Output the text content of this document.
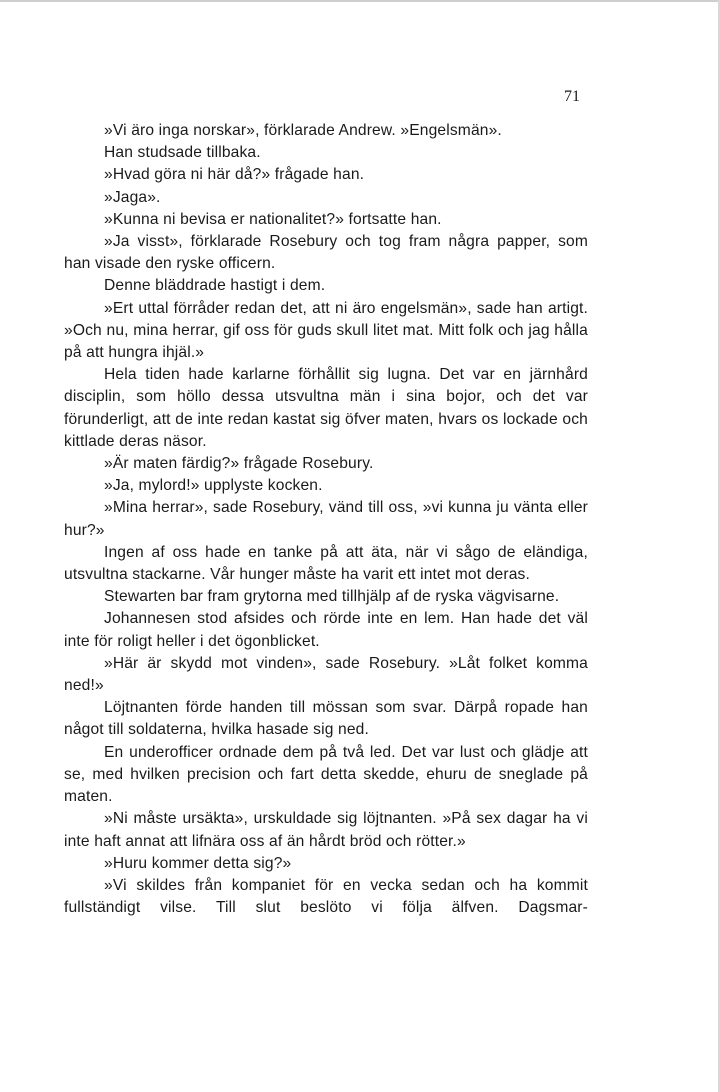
71

»Vi äro inga norskar», förklarade Andrew. »Engelsmän».

Han studsade tillbaka.

»Hvad göra ni här då?» frågade han.

»Jaga».

»Kunna ni bevisa er nationalitet?» fortsatte han.

»Ja visst», förklarade Rosebury och tog fram några papper, som han visade den ryske officern.

Denne bläddrade hastigt i dem.

»Ert uttal förråder redan det, att ni äro engelsmän», sade han artigt. »Och nu, mina herrar, gif oss för guds skull litet mat. Mitt folk och jag hålla på att hungra ihjäl.»

Hela tiden hade karlarne förhållit sig lugna. Det var en järnhård disciplin, som höllo dessa utsvultna män i sina bojor, och det var förunderligt, att de inte redan kastat sig öfver maten, hvars os lockade och kittlade deras näsor.

»Är maten färdig?» frågade Rosebury.

»Ja, mylord!» upplyste kocken.

»Mina herrar», sade Rosebury, vänd till oss, »vi kunna ju vänta eller hur?»

Ingen af oss hade en tanke på att äta, när vi sågo de eländiga, utsvultna stackarne. Vår hunger måste ha varit ett intet mot deras.

Stewarten bar fram grytorna med tillhjälp af de ryska vägvisarne.

Johannesen stod afsides och rörde inte en lem. Han hade det väl inte för roligt heller i det ögonblicket.

»Här är skydd mot vinden», sade Rosebury. »Låt folket komma ned!»

Löjtnanten förde handen till mössan som svar. Därpå ropade han något till soldaterna, hvilka hasade sig ned.

En underofficer ordnade dem på två led. Det var lust och glädje att se, med hvilken precision och fart detta skedde, ehuru de sneglade på maten.

»Ni måste ursäkta», urskuldade sig löjtnanten. »På sex dagar ha vi inte haft annat att lifnära oss af än hårdt bröd och rötter.»

»Huru kommer detta sig?»

»Vi skildes från kompaniet för en vecka sedan och ha kommit fullständigt vilse. Till slut beslöto vi följa älfven. Dagsmar-
